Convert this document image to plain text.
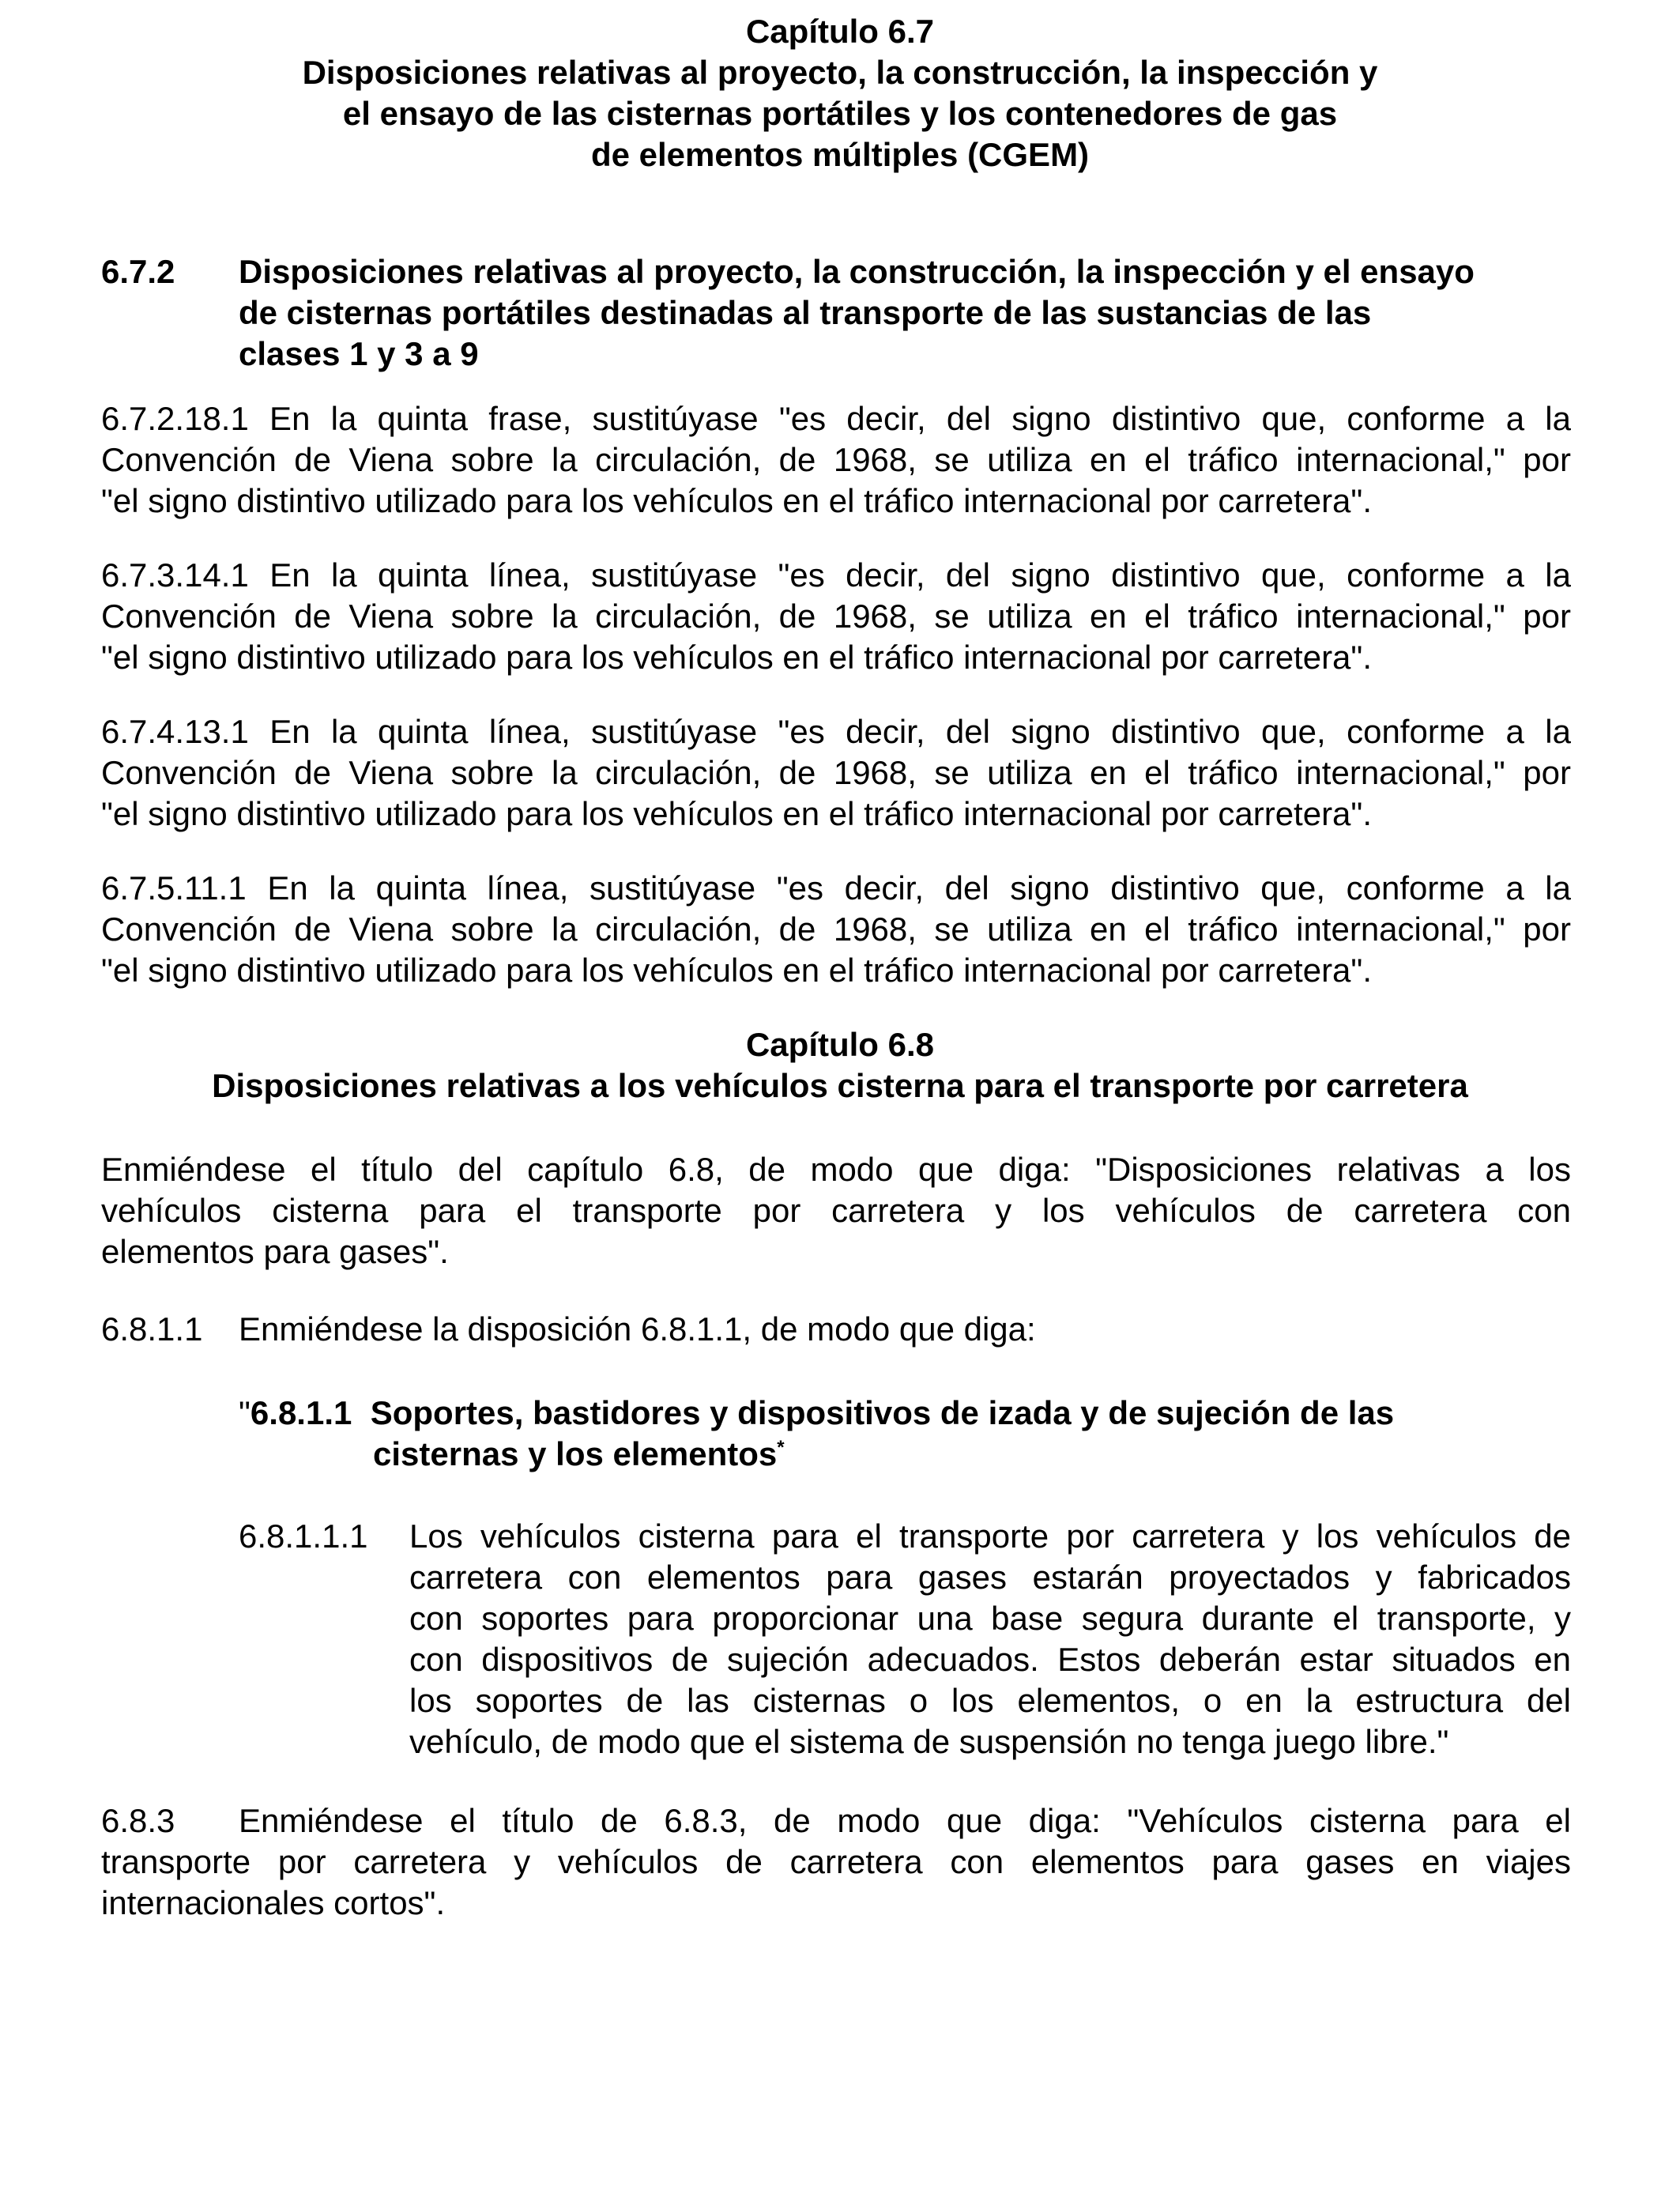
Capítulo 6.7
Disposiciones relativas al proyecto, la construcción, la inspección y
el ensayo de las cisternas portátiles y los contenedores de gas
de elementos múltiples (CGEM)
6.7.2 Disposiciones relativas al proyecto, la construcción, la inspección y el ensayo
de cisternas portátiles destinadas al transporte de las sustancias de las
clases 1 y 3 a 9
6.7.2.18.1 En la quinta frase, sustitúyase "es decir, del signo distintivo que, conforme a la
Convención de Viena sobre la circulación, de 1968, se utiliza en el tráfico internacional," por
"el signo distintivo utilizado para los vehículos en el tráfico internacional por carretera".
6.7.3.14.1 En la quinta línea, sustitúyase "es decir, del signo distintivo que, conforme a la
Convención de Viena sobre la circulación, de 1968, se utiliza en el tráfico internacional," por
"el signo distintivo utilizado para los vehículos en el tráfico internacional por carretera".
6.7.4.13.1 En la quinta línea, sustitúyase "es decir, del signo distintivo que, conforme a la
Convención de Viena sobre la circulación, de 1968, se utiliza en el tráfico internacional," por
"el signo distintivo utilizado para los vehículos en el tráfico internacional por carretera".
6.7.5.11.1 En la quinta línea, sustitúyase "es decir, del signo distintivo que, conforme a la
Convención de Viena sobre la circulación, de 1968, se utiliza en el tráfico internacional," por
"el signo distintivo utilizado para los vehículos en el tráfico internacional por carretera".
Capítulo 6.8
Disposiciones relativas a los vehículos cisterna para el transporte por carretera
Enmiéndese el título del capítulo 6.8, de modo que diga: "Disposiciones relativas a los
vehículos cisterna para el transporte por carretera y los vehículos de carretera con
elementos para gases".
6.8.1.1 Enmiéndese la disposición 6.8.1.1, de modo que diga:
"6.8.1.1 Soportes, bastidores y dispositivos de izada y de sujeción de las
cisternas y los elementos*
6.8.1.1.1 Los vehículos cisterna para el transporte por carretera y los vehículos de
carretera con elementos para gases estarán proyectados y fabricados
con soportes para proporcionar una base segura durante el transporte, y
con dispositivos de sujeción adecuados. Estos deberán estar situados en
los soportes de las cisternas o los elementos, o en la estructura del
vehículo, de modo que el sistema de suspensión no tenga juego libre."
6.8.3 Enmiéndese el título de 6.8.3, de modo que diga: "Vehículos cisterna para el
transporte por carretera y vehículos de carretera con elementos para gases en viajes
internacionales cortos".
